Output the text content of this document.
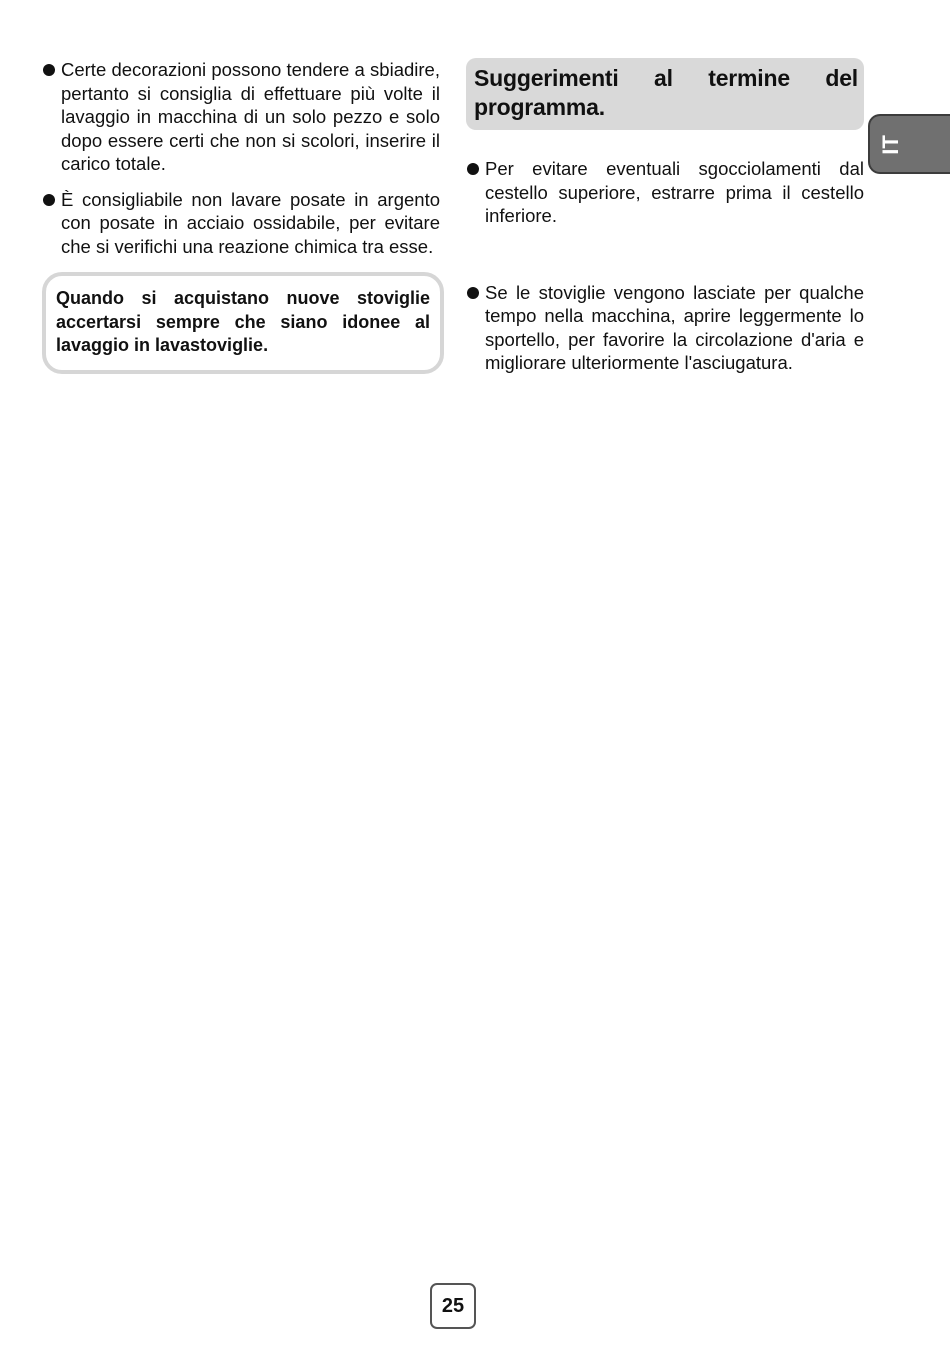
Certe decorazioni possono tendere a sbiadire, pertanto si consiglia di effettuare più volte il lavaggio in macchina di un solo pezzo e solo dopo essere certi che non si scolori, inserire il carico totale.
È consigliabile non lavare posate in argento con posate in acciaio ossidabile, per evitare che si verifichi una reazione chimica tra esse.
Quando si acquistano nuove stoviglie accertarsi sempre che siano idonee al lavaggio in lavastoviglie.
Suggerimenti al termine del programma.
Per evitare eventuali sgocciolamenti dal cestello superiore, estrarre prima il cestello inferiore.
Se le stoviglie vengono lasciate per qualche tempo nella macchina, aprire leggermente lo sportello, per favorire la circolazione d'aria e migliorare ulteriormente l'asciugatura.
IT
25
